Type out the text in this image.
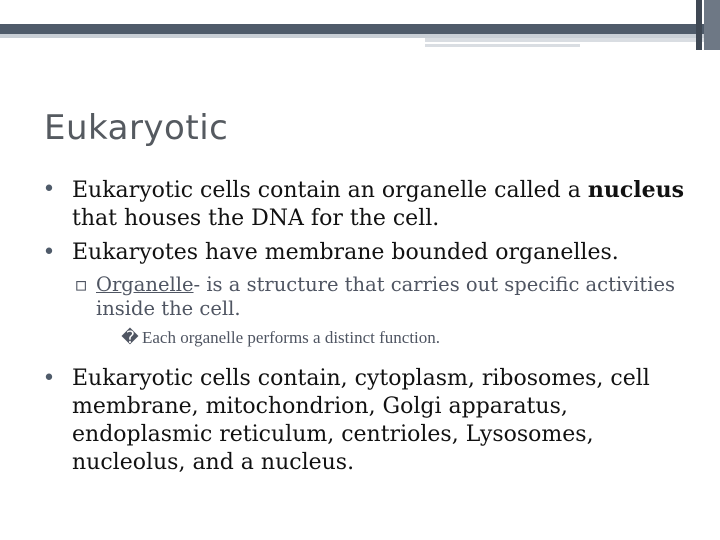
Eukaryotic

• Eukaryotic cells contain an organelle called a nucleus that houses the DNA for the cell.

• Eukaryotes have membrane bounded organelles.

▫ Organelle- is a structure that carries out specific activities inside the cell.

� Each organelle performs a distinct function.

• Eukaryotic cells contain, cytoplasm, ribosomes, cell membrane, mitochondrion, Golgi apparatus, endoplasmic reticulum, centrioles, Lysosomes, nucleolus, and a nucleus.
